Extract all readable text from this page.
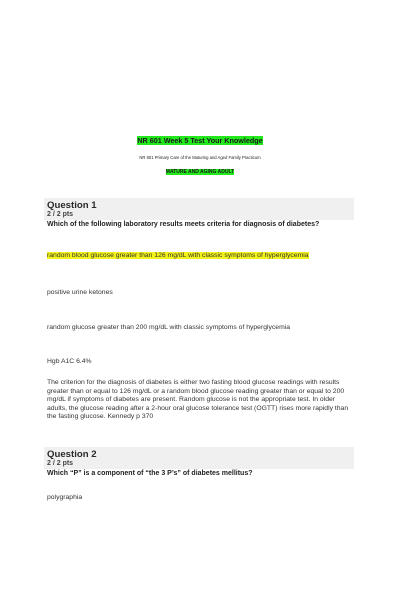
NR 601 Week 5 Test Your Knowledge
NR 601 Primary Care of the Maturing and Aged Family Practicum
MATURE AND AGING ADULT
Question 1
2 / 2 pts
Which of the following laboratory results meets criteria for diagnosis of diabetes?
random blood glucose greater than 126 mg/dL with classic symptoms of hyperglycemia
positive urine ketones
random glucose greater than 200 mg/dL with classic symptoms of hyperglycemia
Hgb A1C 6.4%
The criterion for the diagnosis of diabetes is either two fasting blood glucose readings with results greater than or equal to 126 mg/dL or a random blood glucose reading greater than or equal to 200 mg/dL if symptoms of diabetes are present. Random glucose is not the appropriate test. In older adults, the glucose reading after a 2-hour oral glucose tolerance test (OGTT) rises more rapidly than the fasting glucose. Kennedy p 370
Question 2
2 / 2 pts
Which “P” is a component of “the 3 P’s” of diabetes mellitus?
polygraphia
